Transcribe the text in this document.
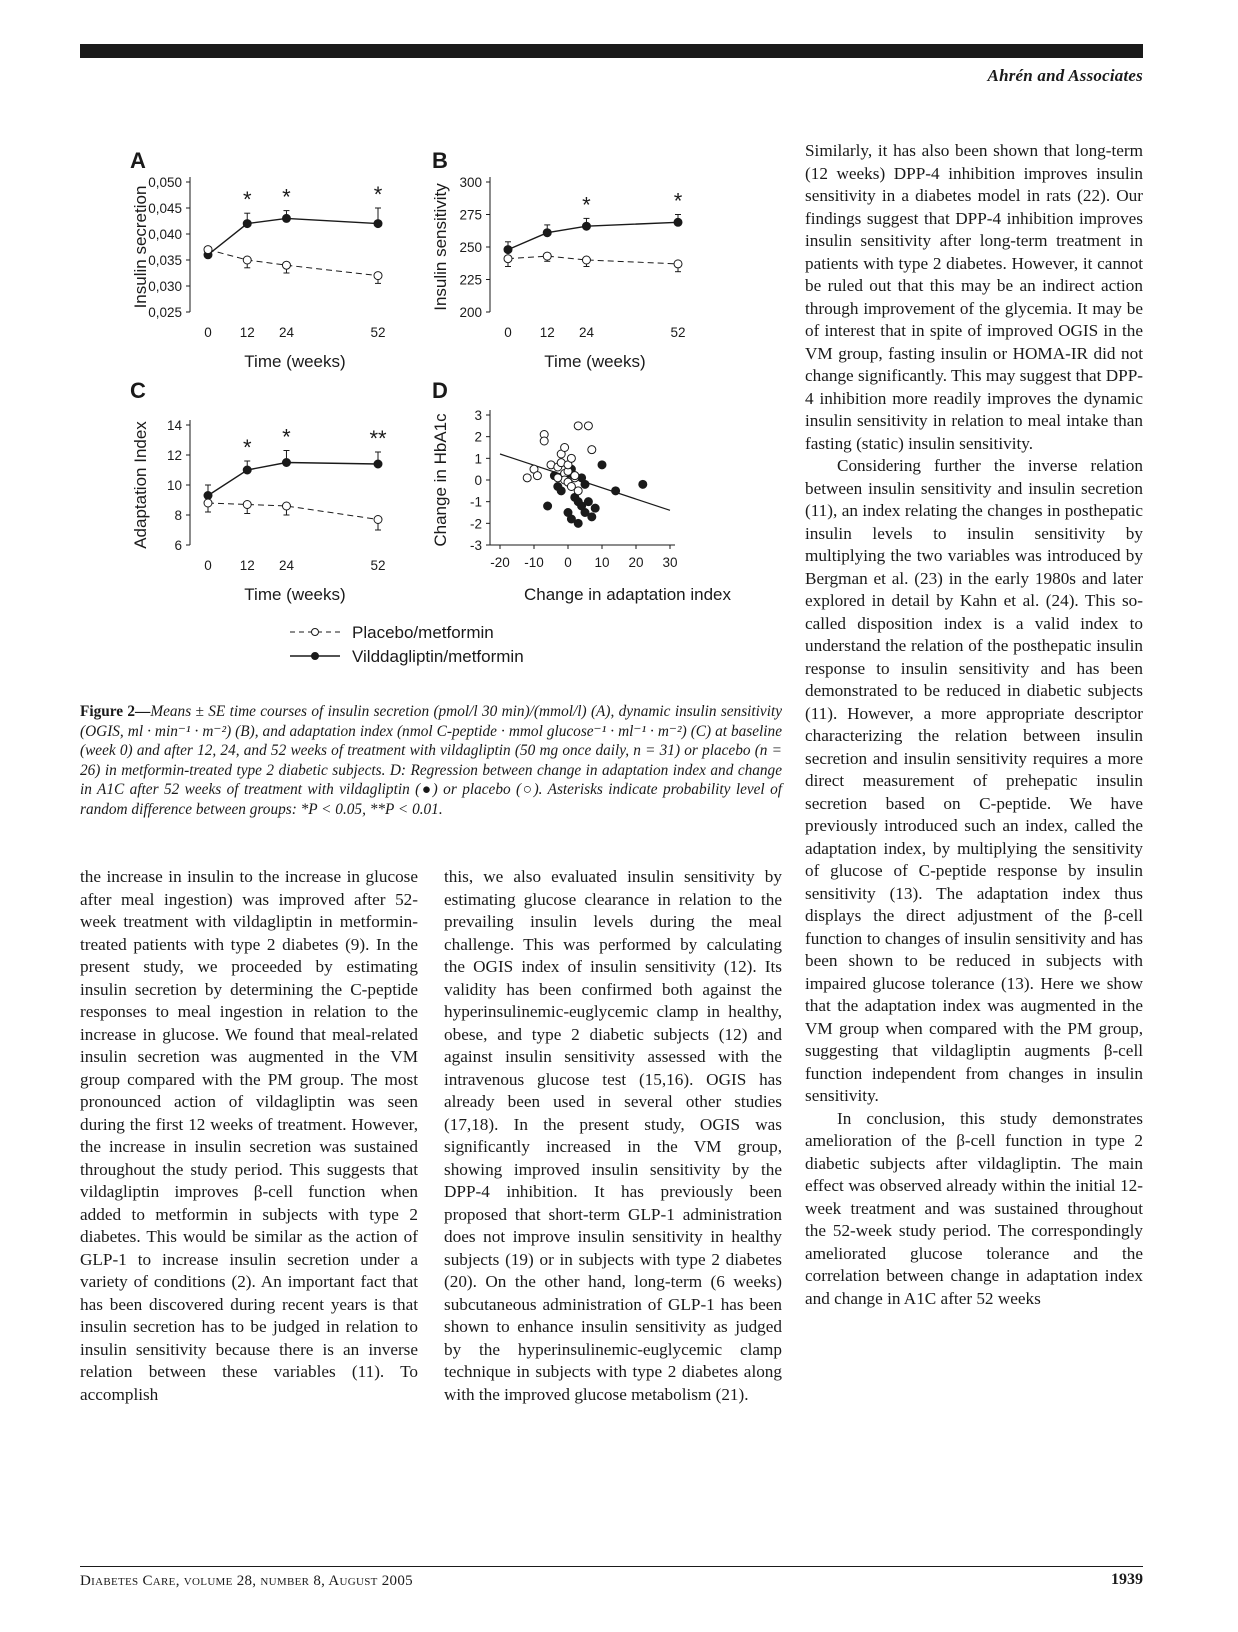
Ahrén and Associates
A
Insulin secretion
0,025
0,030
0,035
0,040
0,045
0,050
0 12 24	52
Time (weeks)
* *	*
B
Insulin sensitivity
200
225
250
275
300
0 12 24	52
Time (weeks)
*	*
C
Adaptation Index 6
8
10
12
14
0 12 24	52
Time (weeks)
* *	**
D
Change in HbA1c 3
2
1
0
-1
-2
-3
-20 -10 0 10 20 30
Change in adaptation index
Placebo/metformin
Vilddagliptin/metformin
Figure 2—Means ± SE time courses of insulin secretion (pmol/l 30 min)/(mmol/l) (A), dynamic insulin sensitivity (OGIS, ml · min⁻¹ · m⁻²) (B), and adaptation index (nmol C-peptide · mmol glucose⁻¹ · ml⁻¹ · m⁻²) (C) at baseline (week 0) and after 12, 24, and 52 weeks of treatment with vildagliptin (50 mg once daily, n = 31) or placebo (n = 26) in metformin-treated type 2 diabetic subjects. D: Regression between change in adaptation index and change in A1C after 52 weeks of treatment with vildagliptin (●) or placebo (○). Asterisks indicate probability level of random difference between groups: *P < 0.05, **P < 0.01.

the increase in insulin to the increase in glucose after meal ingestion) was improved after 52-week treatment with vildagliptin in metformin-treated patients with type 2 diabetes (9). In the present study, we proceeded by estimating insulin secretion by determining the C-peptide responses to meal ingestion in relation to the increase in glucose. We found that meal-related insulin secretion was augmented in the VM group compared with the PM group. The most pronounced action of vildagliptin was seen during the first 12 weeks of treatment. However, the increase in insulin secretion was sustained throughout the study period. This suggests that vildagliptin improves β-cell function when added to metformin in subjects with type 2 diabetes. This would be similar as the action of GLP-1 to increase insulin secretion under a variety of conditions (2). An important fact that has been discovered during recent years is that insulin secretion has to be judged in relation to insulin sensitivity because there is an inverse relation between these variables (11). To accomplish

this, we also evaluated insulin sensitivity by estimating glucose clearance in relation to the prevailing insulin levels during the meal challenge. This was performed by calculating the OGIS index of insulin sensitivity (12). Its validity has been confirmed both against the hyperinsulinemic-euglycemic clamp in healthy, obese, and type 2 diabetic subjects (12) and against insulin sensitivity assessed with the intravenous glucose test (15,16). OGIS has already been used in several other studies (17,18). In the present study, OGIS was significantly increased in the VM group, showing improved insulin sensitivity by the DPP-4 inhibition. It has previously been proposed that short-term GLP-1 administration does not improve insulin sensitivity in healthy subjects (19) or in subjects with type 2 diabetes (20). On the other hand, long-term (6 weeks) subcutaneous administration of GLP-1 has been shown to enhance insulin sensitivity as judged by the hyperinsulinemic-euglycemic clamp technique in subjects with type 2 diabetes along with the improved glucose metabolism (21).

Similarly, it has also been shown that long-term (12 weeks) DPP-4 inhibition improves insulin sensitivity in a diabetes model in rats (22). Our findings suggest that DPP-4 inhibition improves insulin sensitivity after long-term treatment in patients with type 2 diabetes. However, it cannot be ruled out that this may be an indirect action through improvement of the glycemia. It may be of interest that in spite of improved OGIS in the VM group, fasting insulin or HOMA-IR did not change significantly. This may suggest that DPP-4 inhibition more readily improves the dynamic insulin sensitivity in relation to meal intake than fasting (static) insulin sensitivity.

Considering further the inverse relation between insulin sensitivity and insulin secretion (11), an index relating the changes in posthepatic insulin levels to insulin sensitivity by multiplying the two variables was introduced by Bergman et al. (23) in the early 1980s and later explored in detail by Kahn et al. (24). This so-called disposition index is a valid index to understand the relation of the posthepatic insulin response to insulin sensitivity and has been demonstrated to be reduced in diabetic subjects (11). However, a more appropriate descriptor characterizing the relation between insulin secretion and insulin sensitivity requires a more direct measurement of prehepatic insulin secretion based on C-peptide. We have previously introduced such an index, called the adaptation index, by multiplying the sensitivity of glucose of C-peptide response by insulin sensitivity (13). The adaptation index thus displays the direct adjustment of the β-cell function to changes of insulin sensitivity and has been shown to be reduced in subjects with impaired glucose tolerance (13). Here we show that the adaptation index was augmented in the VM group when compared with the PM group, suggesting that vildagliptin augments β-cell function independent from changes in insulin sensitivity.

In conclusion, this study demonstrates amelioration of the β-cell function in type 2 diabetic subjects after vildagliptin. The main effect was observed already within the initial 12-week treatment and was sustained throughout the 52-week study period. The correspondingly ameliorated glucose tolerance and the correlation between change in adaptation index and change in A1C after 52 weeks

Diabetes Care, volume 28, number 8, August 2005	1939
